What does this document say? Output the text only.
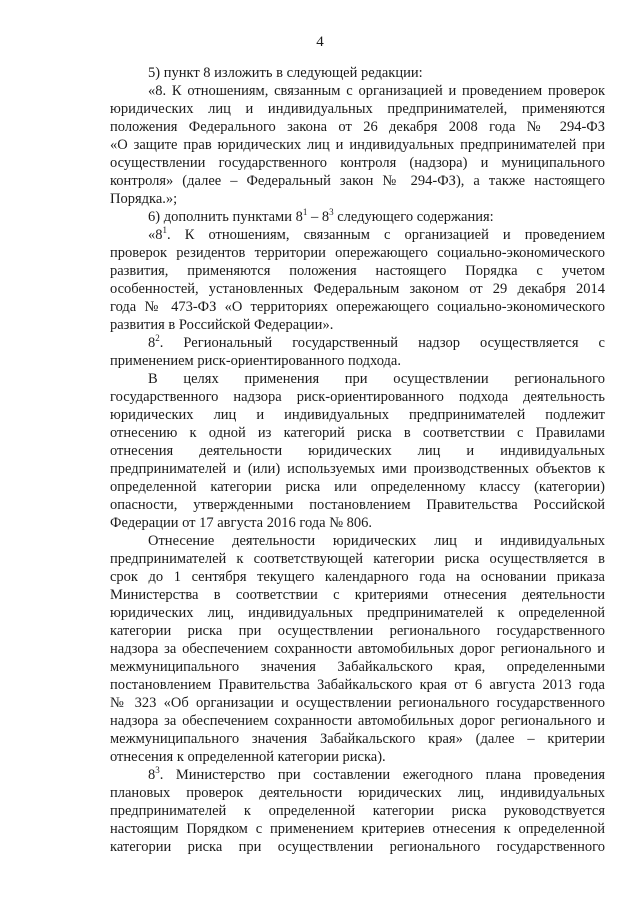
4

5) пункт 8 изложить в следующей редакции:

«8. К отношениям, связанным с организацией и проведением проверок

юридических лиц и индивидуальных предпринимателей, применяются

положения Федерального закона от 26 декабря 2008 года № 294-ФЗ

«О защите прав юридических лиц и индивидуальных предпринимателей при

осуществлении государственного контроля (надзора) и муниципального

контроля» (далее – Федеральный закон № 294-ФЗ), а также настоящего

Порядка.»;

6) дополнить пунктами $8^1 - 8^3$ следующего содержания:

«$8^1$. К отношениям, связанным с организацией и проведением

проверок резидентов территории опережающего социально-экономического

развития, применяются положения настоящего Порядка с учетом

особенностей, установленных Федеральным законом от 29 декабря 2014

года № 473-ФЗ «О территориях опережающего социально-экономического

развития в Российской Федерации».

$8^2$. Региональный государственный надзор осуществляется с

применением риск-ориентированного подхода.

В целях применения при осуществлении регионального

государственного надзора риск-ориентированного подхода деятельность

юридических лиц и индивидуальных предпринимателей подлежит

отнесению к одной из категорий риска в соответствии с Правилами

отнесения деятельности юридических лиц и индивидуальных

предпринимателей и (или) используемых ими производственных объектов к

определенной категории риска или определенному классу (категории)

опасности, утвержденными постановлением Правительства Российской

Федерации от 17 августа 2016 года № 806.

Отнесение деятельности юридических лиц и индивидуальных

предпринимателей к соответствующей категории риска осуществляется в

срок до 1 сентября текущего календарного года на основании приказа

Министерства в соответствии с критериями отнесения деятельности

юридических лиц, индивидуальных предпринимателей к определенной

категории риска при осуществлении регионального государственного

надзора за обеспечением сохранности автомобильных дорог регионального и

межмуниципального значения Забайкальского края, определенными

постановлением Правительства Забайкальского края от 6 августа 2013 года

№ 323 «Об организации и осуществлении регионального государственного

надзора за обеспечением сохранности автомобильных дорог регионального и

межмуниципального значения Забайкальского края» (далее – критерии

отнесения к определенной категории риска).

$8^3$. Министерство при составлении ежегодного плана проведения

плановых проверок деятельности юридических лиц, индивидуальных

предпринимателей к определенной категории риска руководствуется

настоящим Порядком с применением критериев отнесения к определенной

категории риска при осуществлении регионального государственного
